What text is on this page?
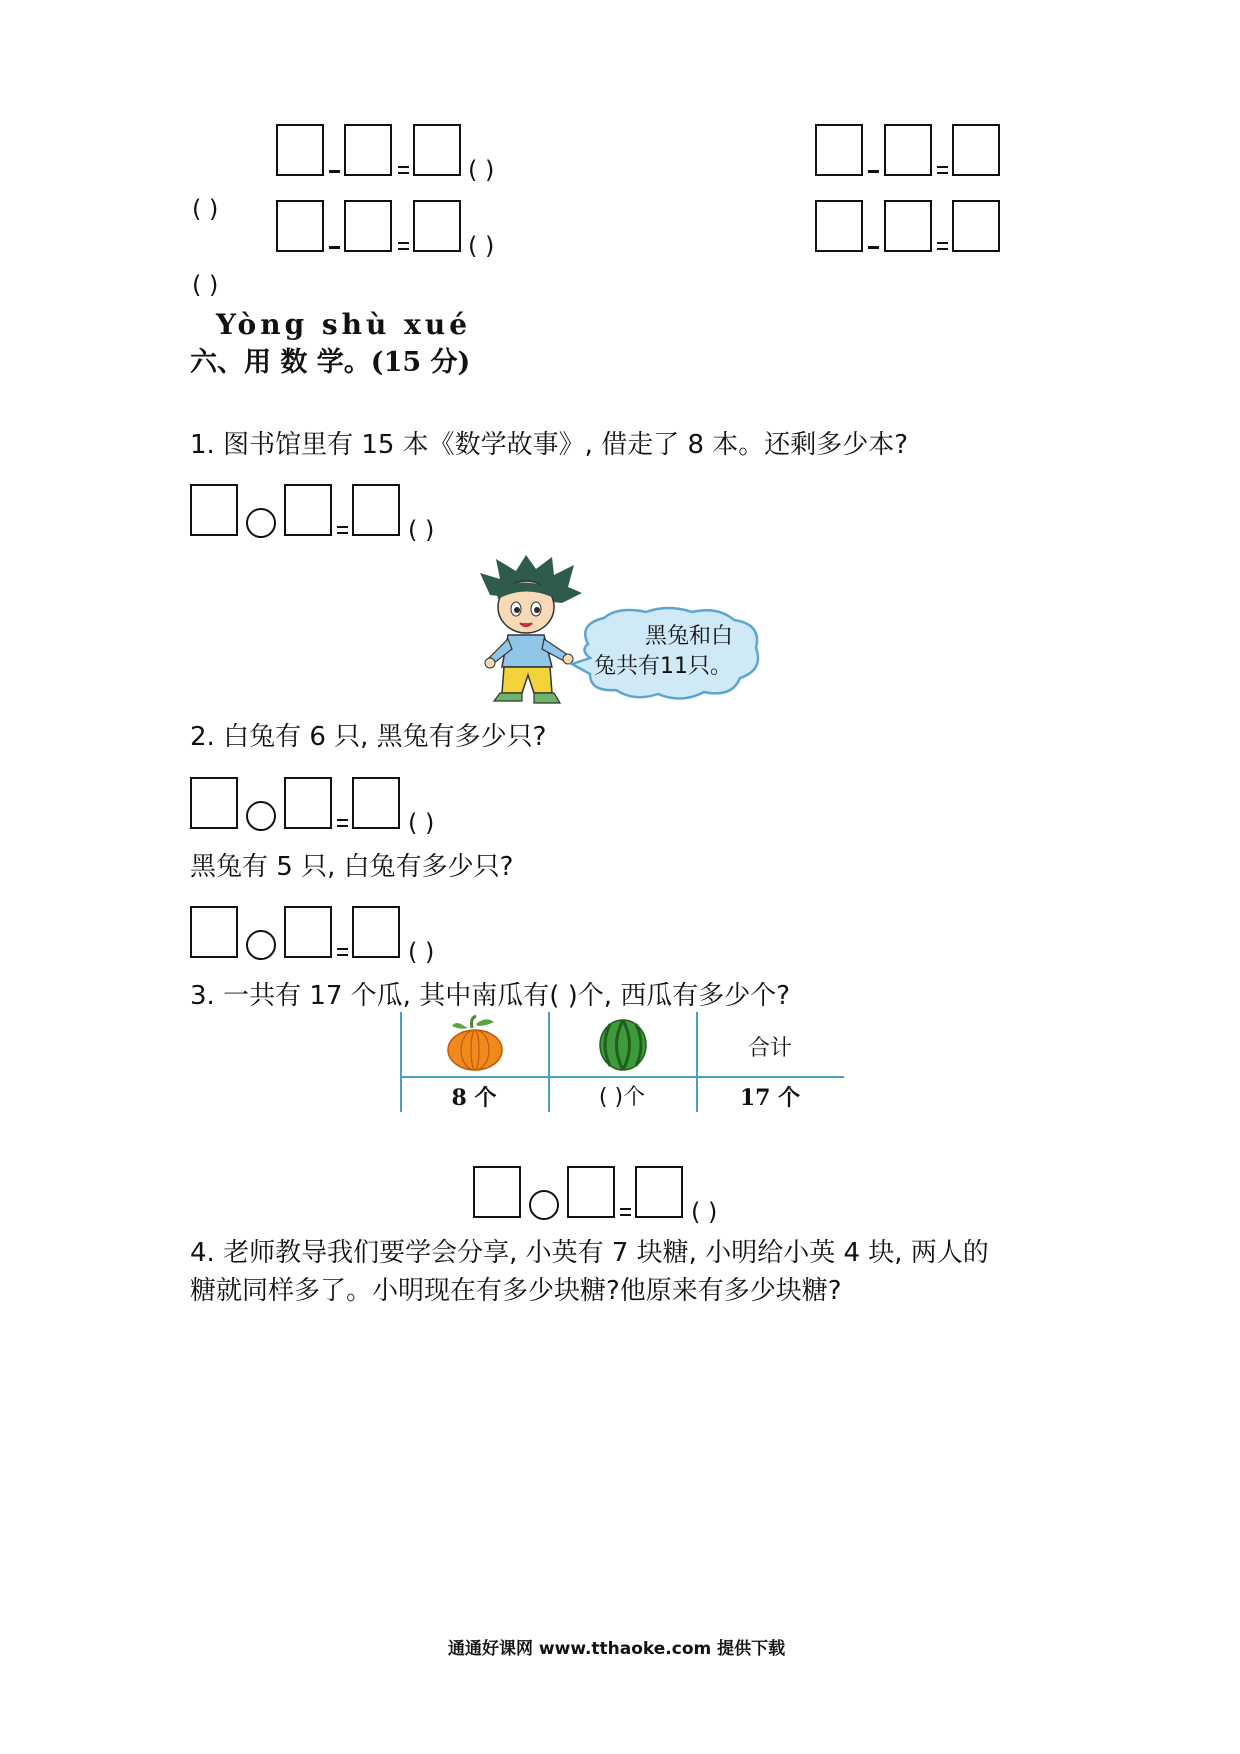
( )
( )
( )
( )
Yòng shù xué
六、用 数 学。(15 分)
1. 图书馆里有 15 本《数学故事》, 借走了 8 本。还剩多少本?
( )
黑兔和白
兔共有11只。
2. 白兔有 6 只, 黑兔有多少只?
( )
黑兔有 5 只, 白兔有多少只?
( )
3. 一共有 17 个瓜, 其中南瓜有( )个, 西瓜有多少个?
合计
8 个	( )个	17 个
( )
4. 老师教导我们要学会分享, 小英有 7 块糖, 小明给小英 4 块, 两人的
糖就同样多了。小明现在有多少块糖?他原来有多少块糖?
通通好课网 www.tthaoke.com 提供下载
